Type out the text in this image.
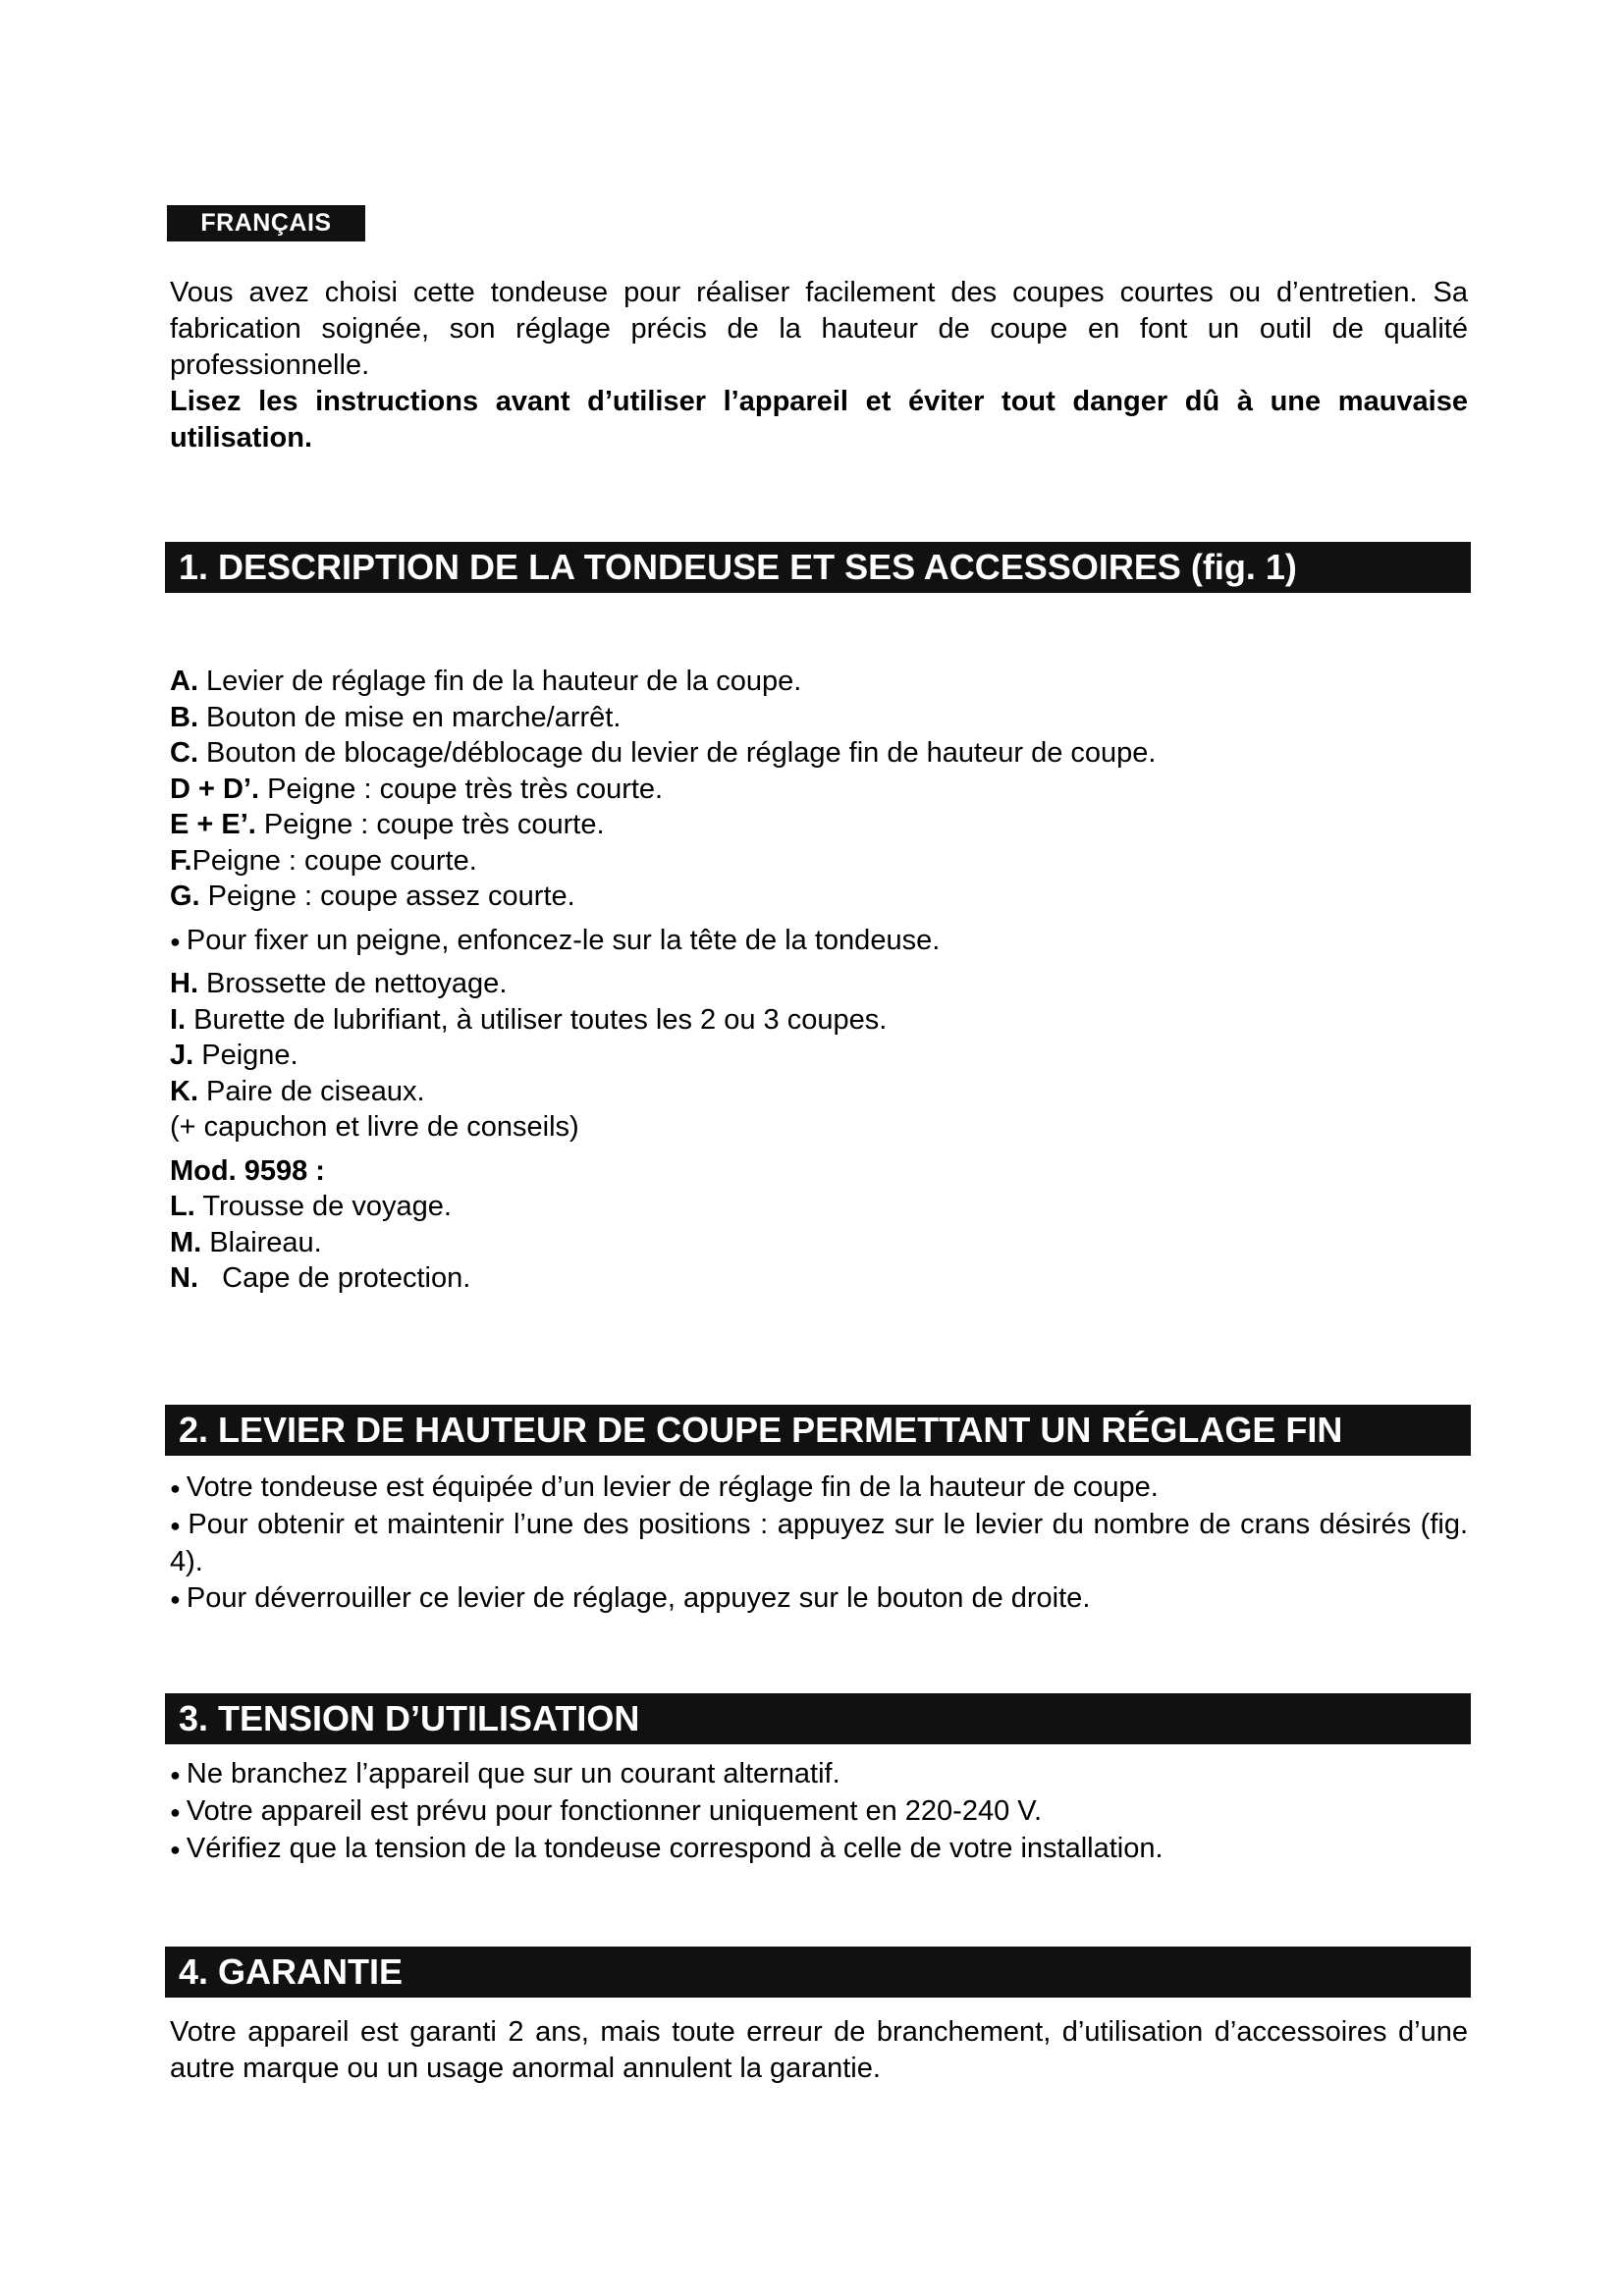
FRANÇAIS

Vous avez choisi cette tondeuse pour réaliser facilement des coupes courtes ou d’entretien. Sa fabrication soignée, son réglage précis de la hauteur de coupe en font un outil de qualité professionnelle.

Lisez les instructions avant d’utiliser l’appareil et éviter tout danger dû à une mauvaise utilisation.

1. DESCRIPTION DE LA TONDEUSE ET SES ACCESSOIRES (fig. 1)
A. Levier de réglage fin de la hauteur de la coupe.
B. Bouton de mise en marche/arrêt.
C. Bouton de blocage/déblocage du levier de réglage fin de hauteur de coupe.
D + D’. Peigne : coupe très très courte.
E + E’. Peigne : coupe très courte.
F.Peigne : coupe courte.
G. Peigne : coupe assez courte.
● Pour fixer un peigne, enfoncez-le sur la tête de la tondeuse.
H. Brossette de nettoyage.
I. Burette de lubrifiant, à utiliser toutes les 2 ou 3 coupes.
J. Peigne.
K. Paire de ciseaux.
(+ capuchon et livre de conseils)
Mod. 9598 :
L. Trousse de voyage.
M. Blaireau.
N.   Cape de protection.
2. LEVIER DE HAUTEUR DE COUPE PERMETTANT UN RÉGLAGE FIN

● Votre tondeuse est équipée d’un levier de réglage fin de la hauteur de coupe.

● Pour obtenir et maintenir l’une des positions : appuyez sur le levier du nombre de crans désirés (fig. 4).

● Pour déverrouiller ce levier de réglage, appuyez sur le bouton de droite.

3. TENSION D’UTILISATION

● Ne branchez l’appareil que sur un courant alternatif.

● Votre appareil est prévu pour fonctionner uniquement en 220-240 V.

● Vérifiez que la tension de la tondeuse correspond à celle de votre installation.

4. GARANTIE

Votre appareil est garanti 2 ans, mais toute erreur de branchement, d’utilisation d’accessoires d’une autre marque ou un usage anormal annulent la garantie.
